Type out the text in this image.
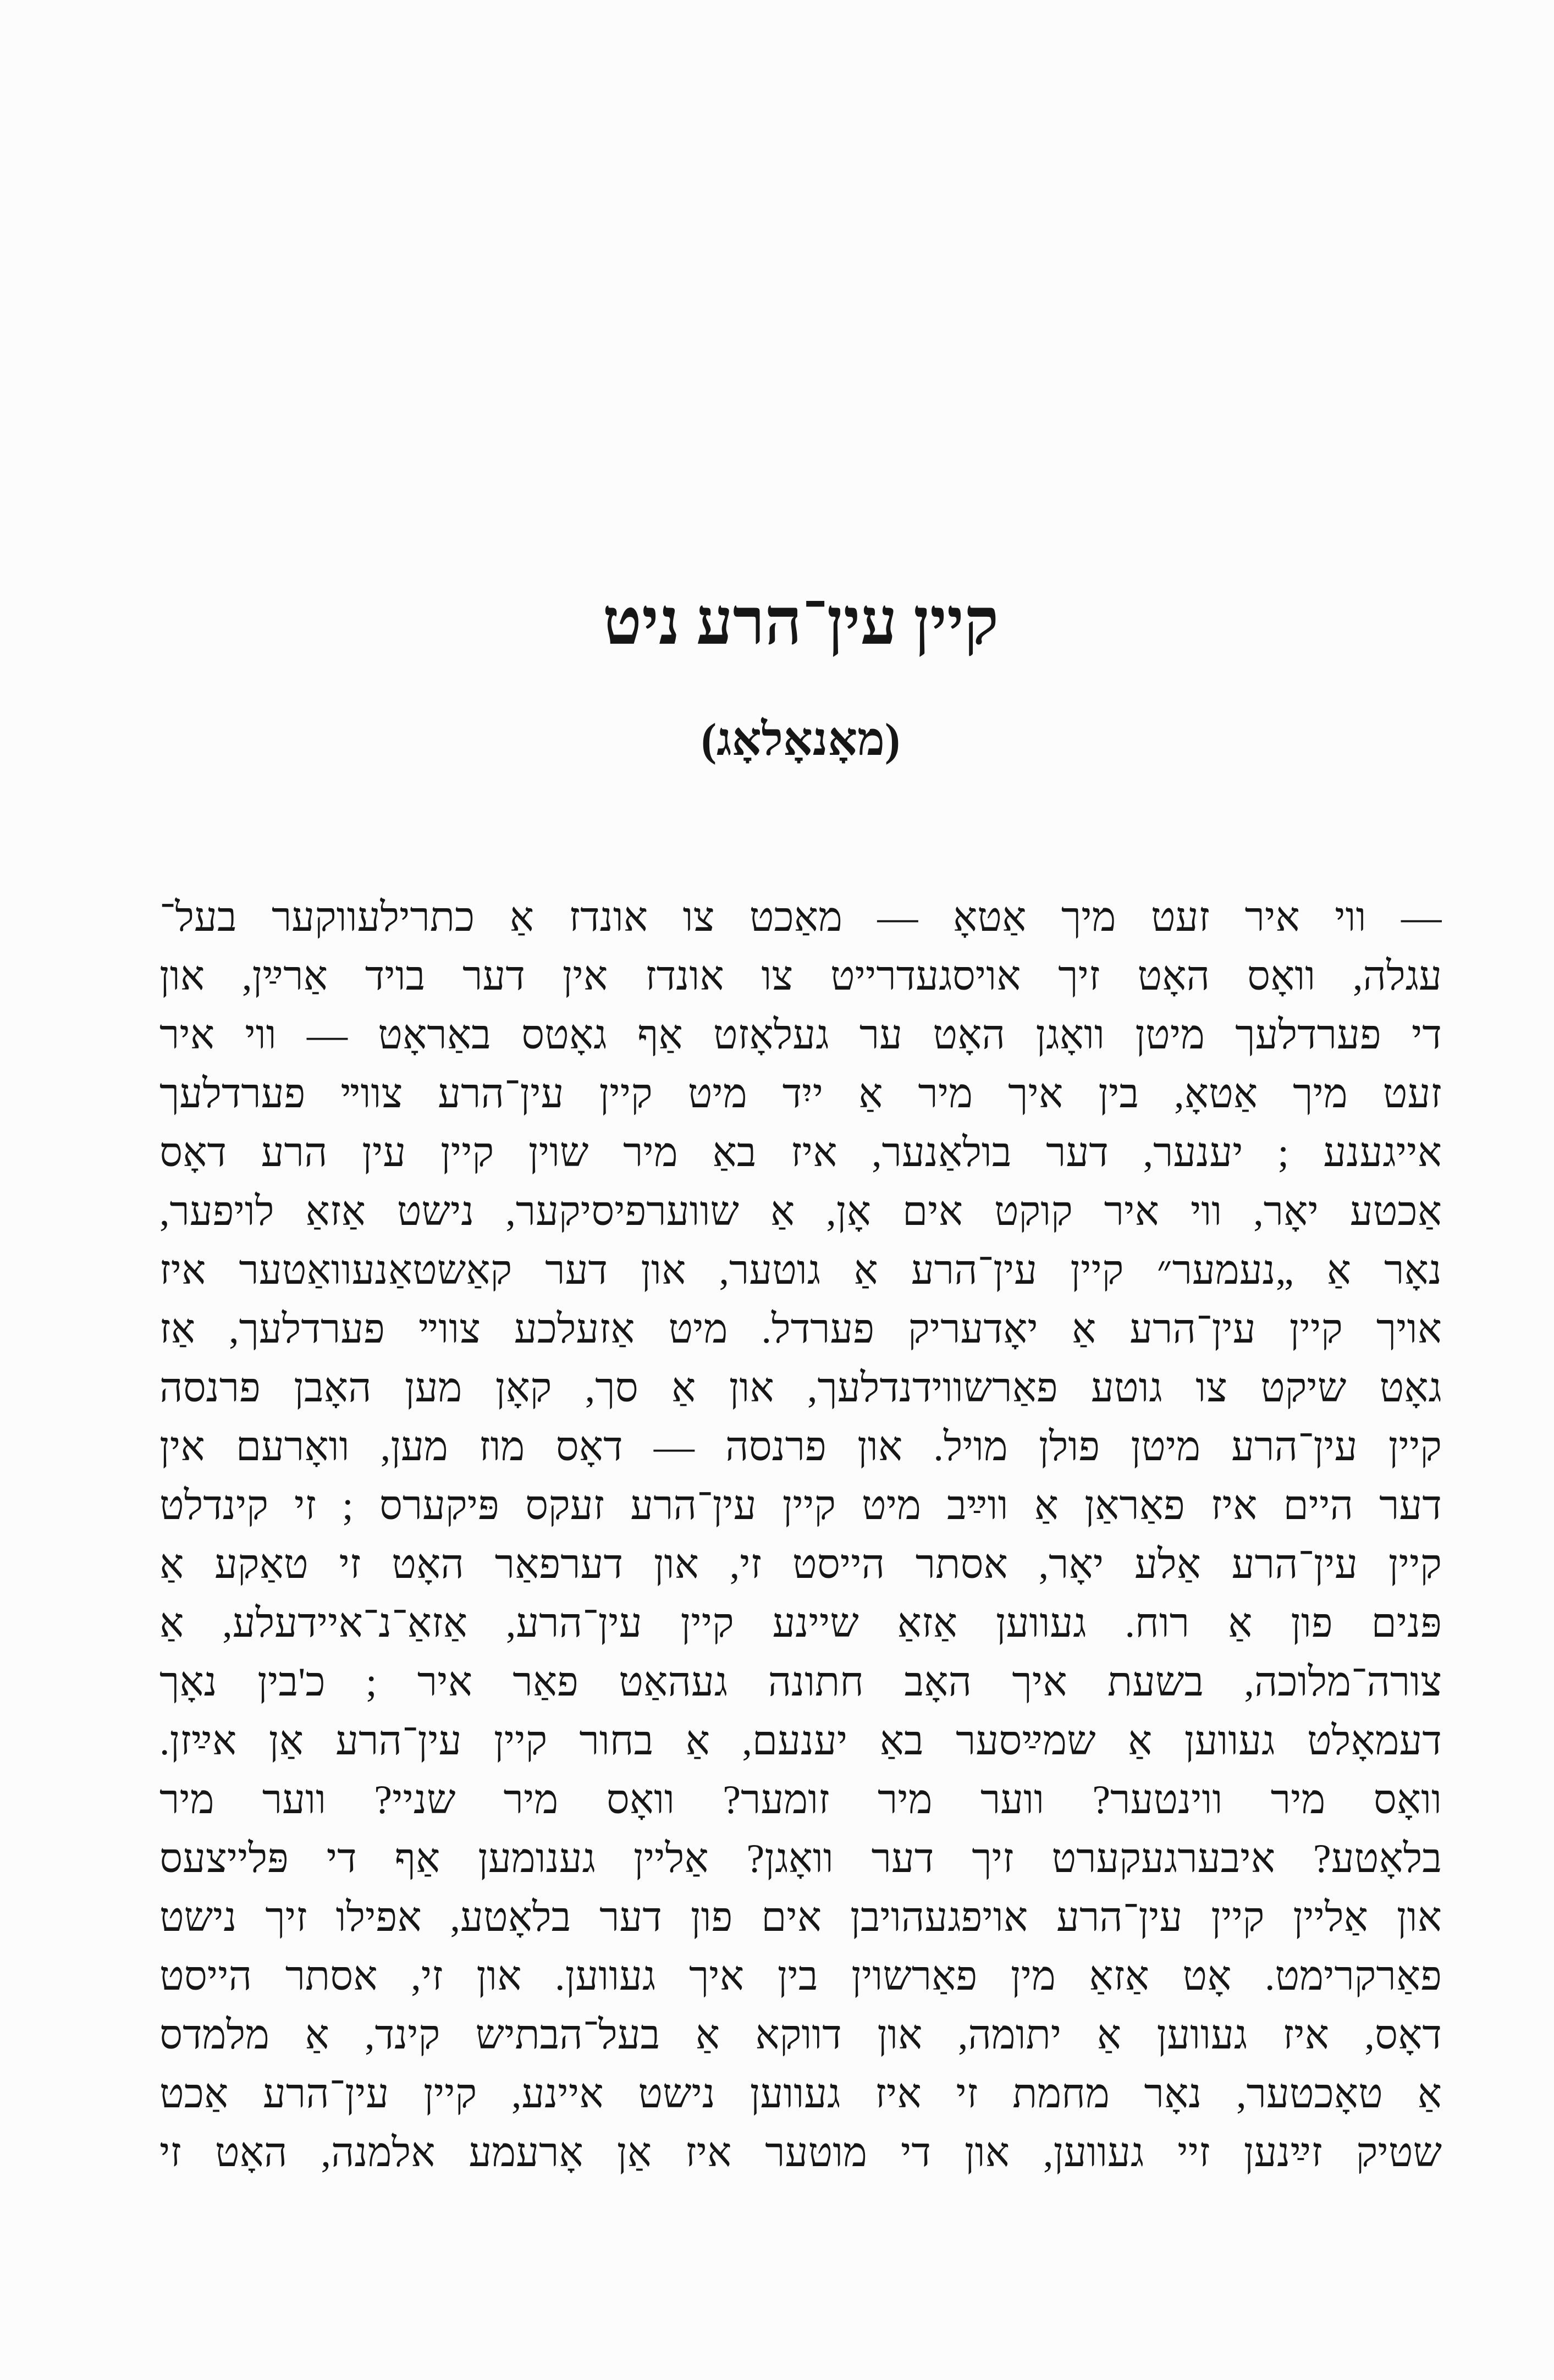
קיין עין־הרע ניט
(מאָנאָלאָג)
— ווי איר זעט מיך אַטאָ — מאַכט צו אונדז אַ כתרילעווקער בעל־
עגלה, וואָס האָט זיך אויסגעדרייט צו אונדז אין דער בויד אַרײַן, און
די פערדלעך מיטן וואָגן האָט ער געלאָזט אַף גאָטס באַראָט — ווי איר
זעט מיך אַטאָ, בין איך מיר אַ ייִד מיט קיין עין־הרע צווײ פערדלעך
אייגענע ; יענער, דער בולאַנער, איז באַ מיר שוין קיין עין הרע דאָס
אַכטע יאָר, ווי איר קוקט אים אָן, אַ שווערפיסיקער, נישט אַזאַ לויפער,
נאָר אַ „נעמער״ קיין עין־הרע אַ גוטער, און דער קאַשטאַנעוואַטער איז
אויך קיין עין־הרע אַ יאָדעריק פערדל. מיט אַזעלכע צווײ פערדלעך, אַז
גאָט שיקט צו גוטע פאַרשווידנדלעך, און אַ סך, קאָן מען האָבן פרנסה
קיין עין־הרע מיטן פולן מויל. און פרנסה — דאָס מוז מען, וואָרעם אין
דער היים איז פאַראַן אַ ווײַב מיט קיין עין־הרע זעקס פּיקערס ; זי קינדלט
קיין עין־הרע אַלע יאָר, אסתר הייסט זי, און דערפאַר האָט זי טאַקע אַ
פּנים פון אַ רוח. געווען אַזאַ שיינע קיין עין־הרע, אַזאַ־נ־איידעלע, אַ
צורה־מלוכה, בשעת איך האָב חתונה געהאַט פאַר איר ; כ'בין נאָך
דעמאָלט געווען אַ שמײַסער באַ יענעם, אַ בחור קיין עין־הרע אַן אײַזן.
וואָס מיר ווינטער? ווער מיר זומער? וואָס מיר שניי? ווער מיר
בלאָטע? איבערגעקערט זיך דער וואָגן? אַליין גענומען אַף די פּלייצעס
און אַליין קיין עין־הרע אויפגעהויבן אים פון דער בלאָטע, אפילו זיך נישט
פאַרקרימט. אָט אַזאַ מין פאַרשוין בין איך געווען. און זי, אסתר הייסט
דאָס, איז געווען אַ יתומה, און דווקא אַ בעל־הבתיש קינד, אַ מלמדס
אַ טאָכטער, נאָר מחמת זי איז געווען נישט איינע, קיין עין־הרע אַכט
שטיק זײַנען זיי געווען, און די מוטער איז אַן אָרעמע אלמנה, האָט זי
